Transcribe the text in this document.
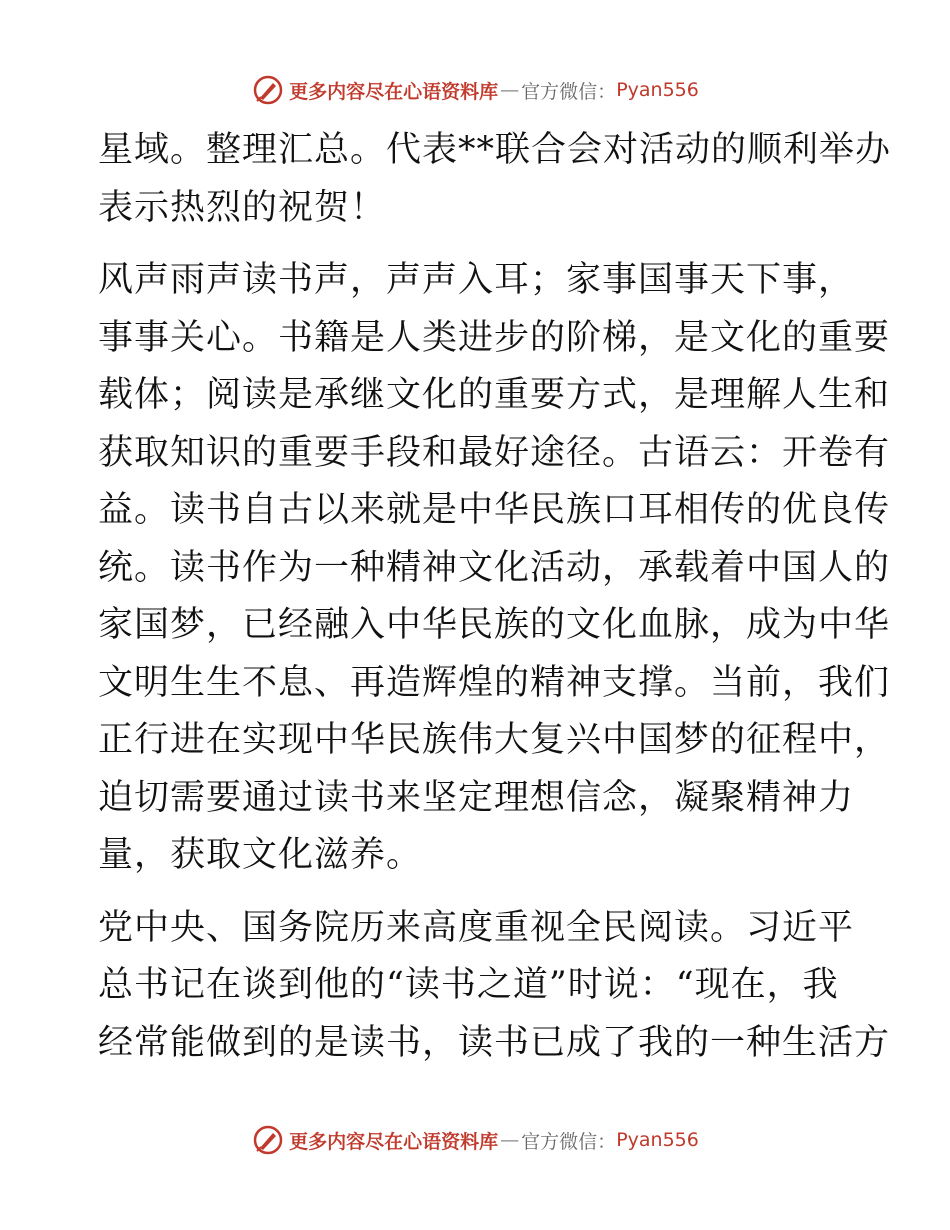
更多内容尽在心语资料库 — 官方微信： Pyan556
星域。整理汇总。代表**联合会对活动的顺利举办
表示热烈的祝贺！
风声雨声读书声，声声入耳；家事国事天下事，
事事关心。书籍是人类进步的阶梯，是文化的重要
载体；阅读是承继文化的重要方式，是理解人生和
获取知识的重要手段和最好途径。古语云：开卷有
益。读书自古以来就是中华民族口耳相传的优良传
统。读书作为一种精神文化活动，承载着中国人的
家国梦，已经融入中华民族的文化血脉，成为中华
文明生生不息、再造辉煌的精神支撑。当前，我们
正行进在实现中华民族伟大复兴中国梦的征程中，
迫切需要通过读书来坚定理想信念，凝聚精神力
量，获取文化滋养。
党中央、国务院历来高度重视全民阅读。习近平
总书记在谈到他的“读书之道”时说：“现在，我
经常能做到的是读书，读书已成了我的一种生活方
更多内容尽在心语资料库 — 官方微信： Pyan556
